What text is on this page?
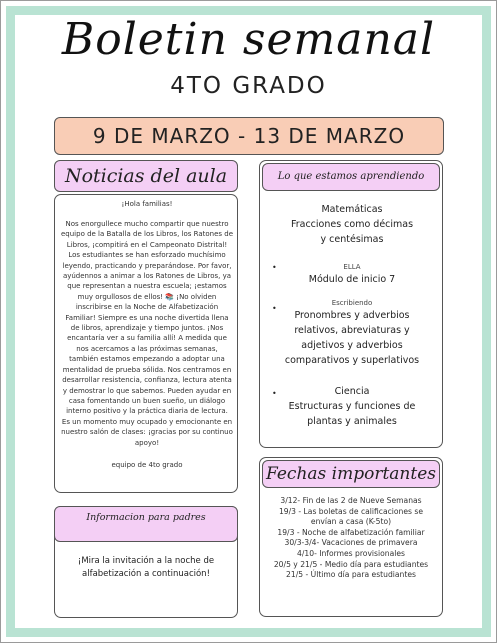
Boletin semanal
4TO GRADO
9 DE MARZO - 13 DE MARZO
Noticias del aula
¡Hola familias!

Nos enorgullece mucho compartir que nuestro equipo de la Batalla de los Libros, los Ratones de Libros, ¡compitirá en el Campeonato Distrital! Los estudiantes se han esforzado muchísimo leyendo, practicando y preparándose. Por favor, ayúdennos a animar a los Ratones de Libros, ya que representan a nuestra escuela; ¡estamos muy orgullosos de ellos! 📚 ¡No olviden inscribirse en la Noche de Alfabetización Familiar! Siempre es una noche divertida llena de libros, aprendizaje y tiempo juntos. ¡Nos encantaría ver a su familia allí! A medida que nos acercamos a las próximas semanas, también estamos empezando a adoptar una mentalidad de prueba sólida. Nos centramos en desarrollar resistencia, confianza, lectura atenta y demostrar lo que sabemos. Pueden ayudar en casa fomentando un buen sueño, un diálogo interno positivo y la práctica diaria de lectura.

Es un momento muy ocupado y emocionante en nuestro salón de clases: ¡gracias por su continuo apoyo!

equipo de 4to grado
Informacion para padres
¡Mira la invitación a la noche de alfabetización a continuación!
Lo que estamos aprendiendo
Matemáticas
Fracciones como décimas y centésimas
•	ELLA
Módulo de inicio 7
•
Escribiendo
Pronombres y adverbios relativos, abreviaturas y adjetivos y adverbios comparativos y superlativos
•	Ciencia
Estructuras y funciones de plantas y animales
Fechas importantes
3/12- Fin de las 2 de Nueve Semanas
19/3 - Las boletas de calificaciones se envían a casa (K-5to)
19/3 - Noche de alfabetización familiar
30/3-3/4- Vacaciones de primavera
4/10- Informes provisionales
20/5 y 21/5 - Medio día para estudiantes
21/5 - Último día para estudiantes
